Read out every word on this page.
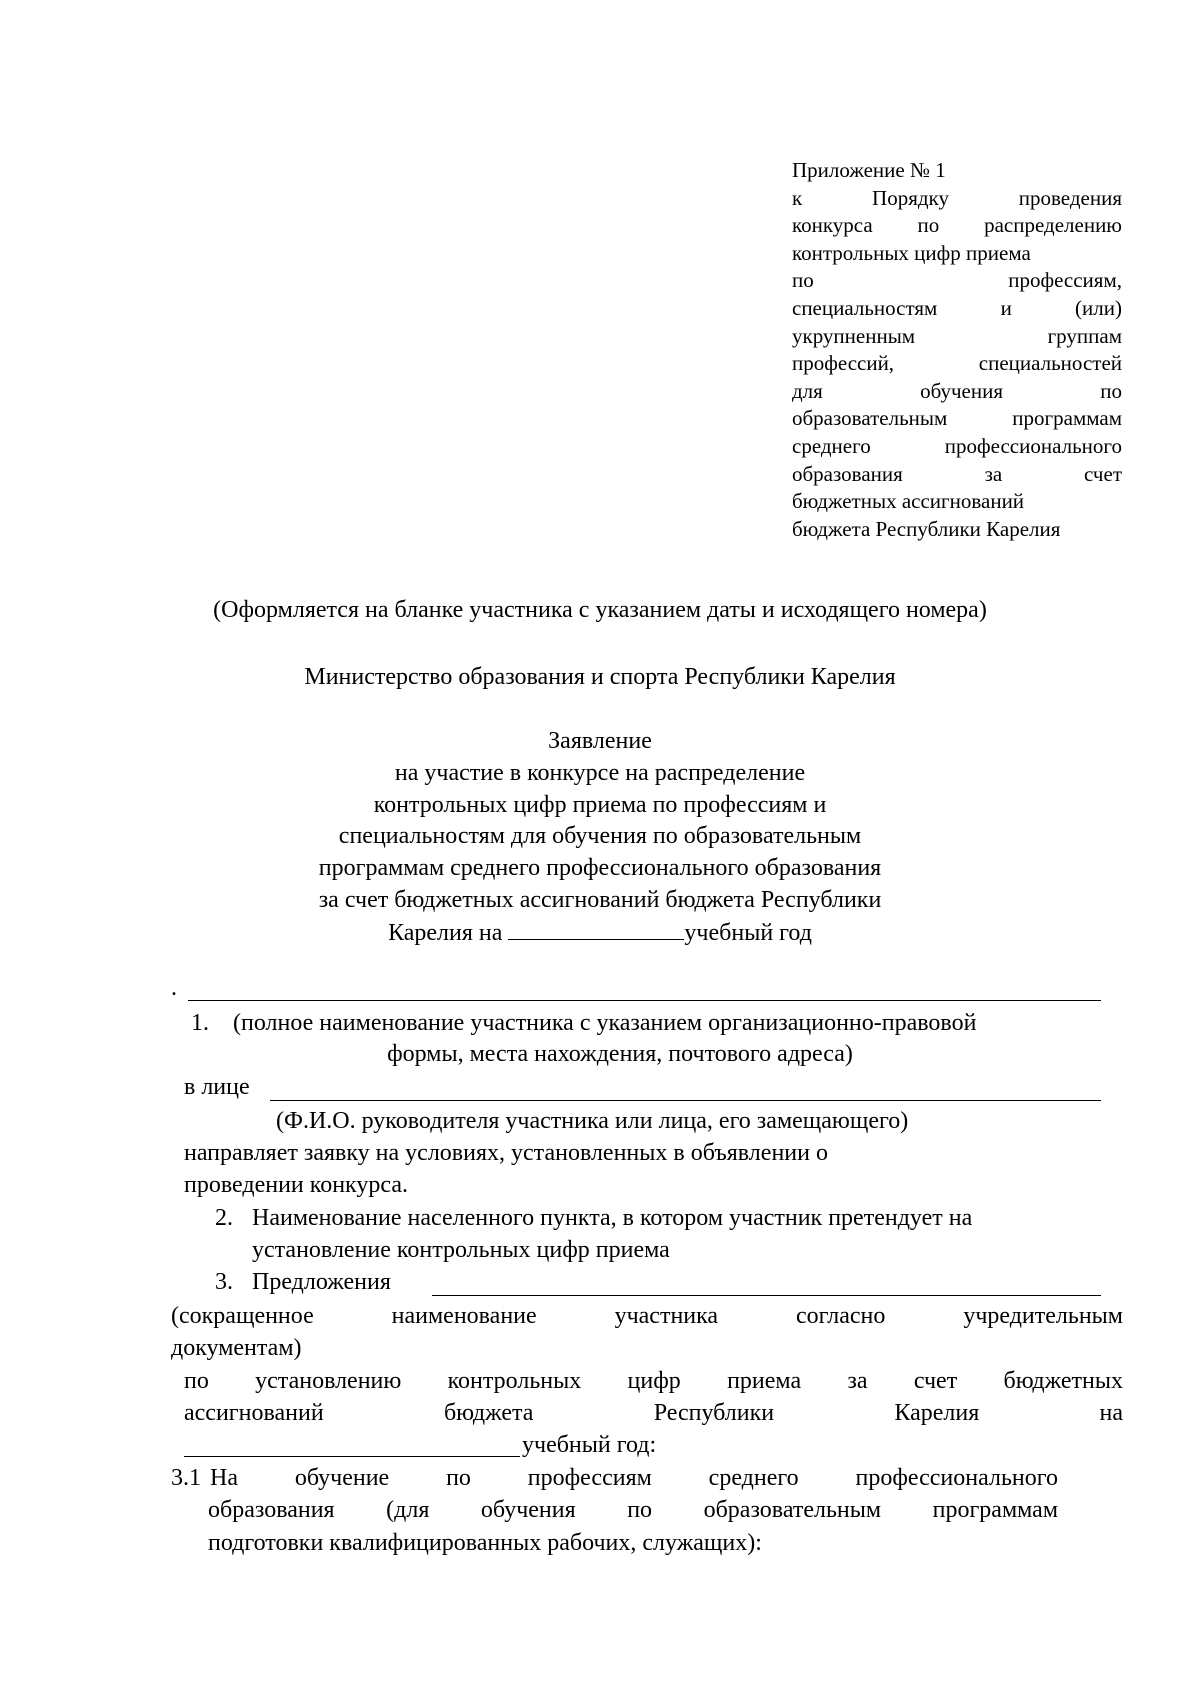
Приложение № 1
к Порядку проведения
конкурса по распределению
контрольных цифр приема
по профессиям,
специальностям и (или)
укрупненным группам
профессий, специальностей
для обучения по
образовательным программам
среднего профессионального
образования за счет
бюджетных ассигнований
бюджета Республики Карелия
(Оформляется на бланке участника с указанием даты и исходящего номера)
Министерство образования и спорта Республики Карелия
Заявление
на участие в конкурсе на распределение
контрольных цифр приема по профессиям и
специальностям для обучения по образовательным
программам среднего профессионального образования
за счет бюджетных ассигнований бюджета Республики
Карелия на	учебный год
.
1. (полное наименование участника с указанием организационно-правовой
формы, места нахождения, почтового адреса)
в лице
(Ф.И.О. руководителя участника или лица, его замещающего)
направляет заявку на условиях, установленных в объявлении о
проведении конкурса.
2. Наименование населенного пункта, в котором участник претендует на
установление контрольных цифр приема
3. Предложения
(сокращенное наименование участника согласно учредительным
документам)
по установлению контрольных цифр приема за счет бюджетных
ассигнований бюджета Республики Карелия на
учебный год:
3.1 На обучение по профессиям среднего профессионального
образования (для обучения по образовательным программам
подготовки квалифицированных рабочих, служащих):
